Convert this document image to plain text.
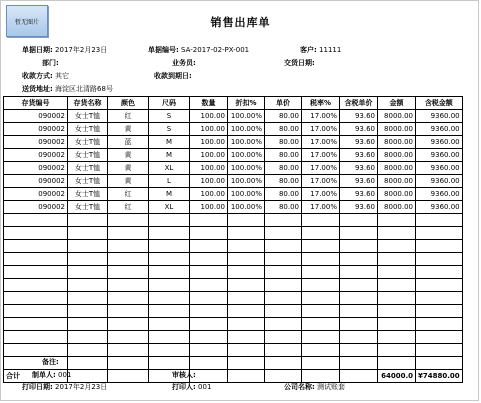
暂无图片	销售出库单
单据日期: 2017年2月23日	单据编号: SA-2017-02-PX-001	客户: 11111
部门:	业务员:	交货日期:
收款方式: 其它	收款到期日:
送货地址: 海淀区北清路68号
存货编号	存货名称	颜色	尺码	数量	折扣%	单价	税率%	含税单价	金额	含税金额
090002	女士T恤	红	S	100.00	100.00%	80.00	17.00%	93.60	8000.00	9360.00
090002	女士T恤	黄	S	100.00	100.00%	80.00	17.00%	93.60	8000.00	9360.00
090002	女士T恤	蓝	M	100.00	100.00%	80.00	17.00%	93.60	8000.00	9360.00
090002	女士T恤	黄	M	100.00	100.00%	80.00	17.00%	93.60	8000.00	9360.00
090002	女士T恤	黄	XL	100.00	100.00%	80.00	17.00%	93.60	8000.00	9360.00
090002	女士T恤	黄	L	100.00	100.00%	80.00	17.00%	93.60	8000.00	9360.00
090002	女士T恤	红	M	100.00	100.00%	80.00	17.00%	93.60	8000.00	9360.00
090002	女士T恤	红	XL	100.00	100.00%	80.00	17.00%	93.60	8000.00	9360.00

合计									64000.0	¥74880.00
备注:
制单人: 001	审核人:
打印日期: 2017年2月23日	打印人: 001	公司名称: 测试账套
